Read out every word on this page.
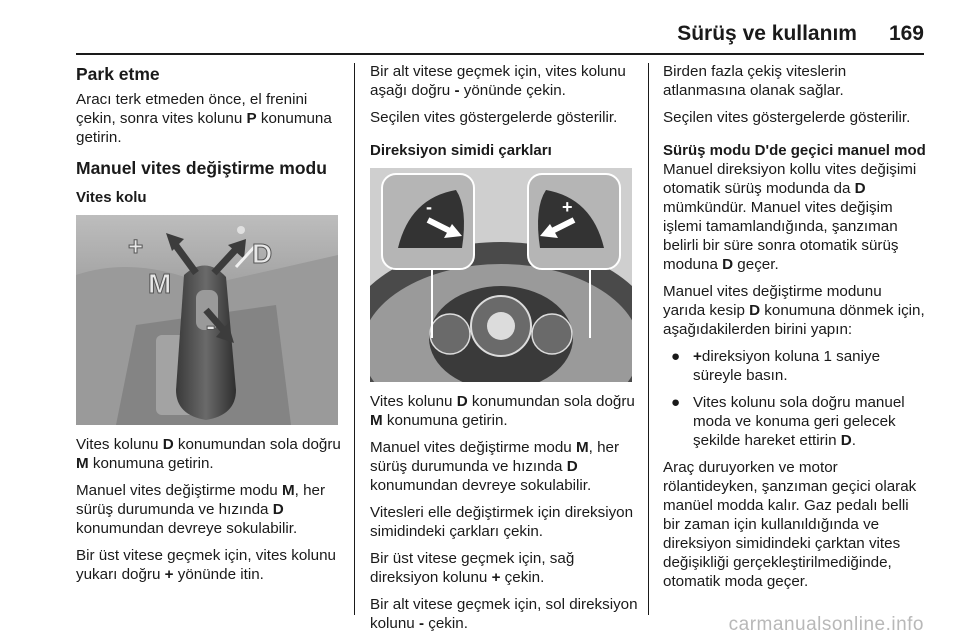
Sürüş ve kullanım 169
Park etme

Aracı terk etmeden önce, el frenini çekin, sonra vites kolunu P konumuna getirin.

Manuel vites değiştirme modu
Vites kolu
+	D
M
-

Vites kolunu D konumundan sola doğru M konumuna getirin.

Manuel vites değiştirme modu M, her sürüş durumunda ve hızında D konumundan devreye sokulabilir.

Bir üst vitese geçmek için, vites kolunu yukarı doğru + yönünde itin.

Bir alt vitese geçmek için, vites kolunu aşağı doğru - yönünde çekin.

Seçilen vites göstergelerde gösterilir.

Direksiyon simidi çarkları
-	+

Vites kolunu D konumundan sola doğru M konumuna getirin.

Manuel vites değiştirme modu M, her sürüş durumunda ve hızında D konumundan devreye sokulabilir.

Vitesleri elle değiştirmek için direksiyon simidindeki çarkları çekin.

Bir üst vitese geçmek için, sağ direksiyon kolunu + çekin.

Bir alt vitese geçmek için, sol direksiyon kolunu - çekin.

Birden fazla çekiş viteslerin atlanmasına olanak sağlar.

Seçilen vites göstergelerde gösterilir.

Sürüş modu D'de geçici manuel mod

Manuel direksiyon kollu vites değişimi otomatik sürüş modunda da D mümkündür. Manuel vites değişim işlemi tamamlandığında, şanzıman belirli bir süre sonra otomatik sürüş moduna D geçer.

Manuel vites değiştirme modunu yarıda kesip D konumuna dönmek için, aşağıdakilerden birini yapın:

● +direksiyon koluna 1 saniye süreyle basın.
● Vites kolunu sola doğru manuel moda ve konuma geri gelecek şekilde hareket ettirin D.

Araç duruyorken ve motor rölantideyken, şanzıman geçici olarak manüel modda kalır. Gaz pedalı belli bir zaman için kullanıldığında ve direksiyon simidindeki çarktan vites değişikliği gerçekleştirilmediğinde, otomatik moda geçer.

carmanualsonline.info
